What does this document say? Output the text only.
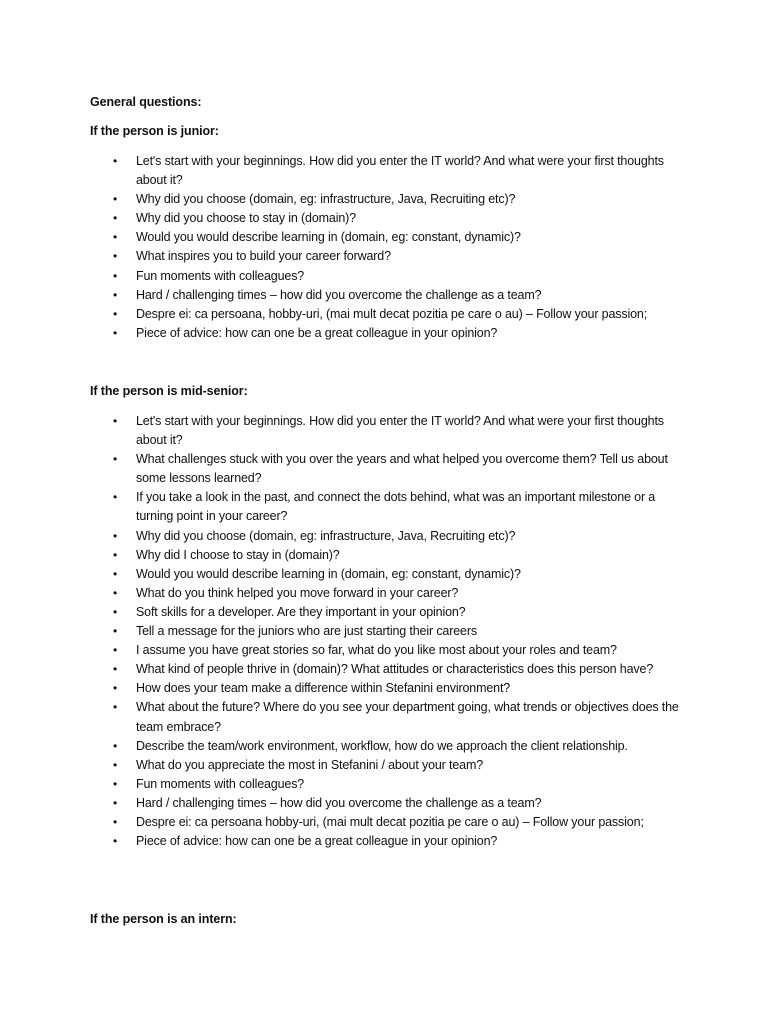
General questions:

If the person is junior:

• Let's start with your beginnings. How did you enter the IT world? And what were your first thoughts about it?
• Why did you choose (domain, eg: infrastructure, Java, Recruiting etc)?
• Why did you choose to stay in (domain)?
• Would you would describe learning in (domain, eg: constant, dynamic)?
• What inspires you to build your career forward?
• Fun moments with colleagues?
• Hard / challenging times – how did you overcome the challenge as a team?
• Despre ei: ca persoana, hobby-uri, (mai mult decat pozitia pe care o au) – Follow your passion;
• Piece of advice: how can one be a great colleague in your opinion?

If the person is mid-senior:

• Let's start with your beginnings. How did you enter the IT world? And what were your first thoughts about it?
• What challenges stuck with you over the years and what helped you overcome them? Tell us about some lessons learned?
• If you take a look in the past, and connect the dots behind, what was an important milestone or a turning point in your career?
• Why did you choose (domain, eg: infrastructure, Java, Recruiting etc)?
• Why did I choose to stay in (domain)?
• Would you would describe learning in (domain, eg: constant, dynamic)?
• What do you think helped you move forward in your career?
• Soft skills for a developer. Are they important in your opinion?
• Tell a message for the juniors who are just starting their careers
• I assume you have great stories so far, what do you like most about your roles and team?
• What kind of people thrive in (domain)? What attitudes or characteristics does this person have?
• How does your team make a difference within Stefanini environment?
• What about the future? Where do you see your department going, what trends or objectives does the team embrace?
• Describe the team/work environment, workflow, how do we approach the client relationship.
• What do you appreciate the most in Stefanini / about your team?
• Fun moments with colleagues?
• Hard / challenging times – how did you overcome the challenge as a team?
• Despre ei: ca persoana hobby-uri, (mai mult decat pozitia pe care o au) – Follow your passion;
• Piece of advice: how can one be a great colleague in your opinion?

If the person is an intern:
